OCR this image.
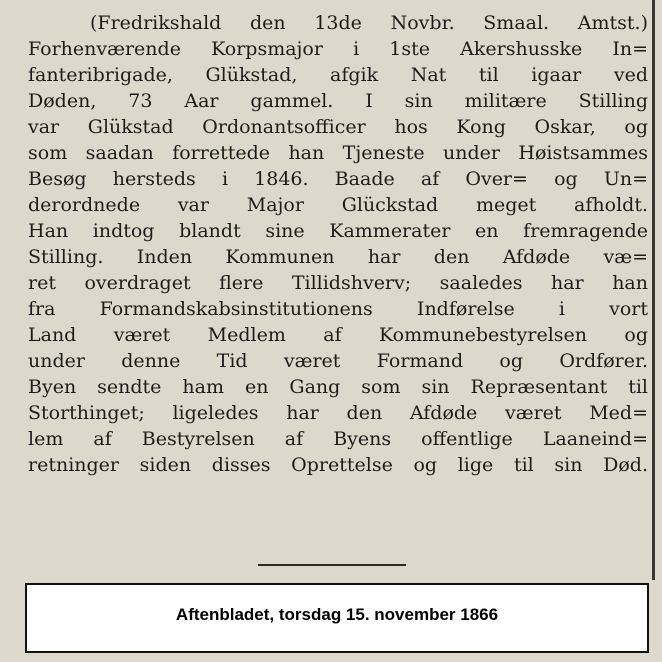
(Fredrikshald den 13de Novbr. Smaal. Amtst.)
Forhenværende Korpsmajor i 1ste Akershusske In=
fanteribrigade, Glükstad, afgik Nat til igaar ved
Døden, 73 Aar gammel. I sin militære Stilling
var Glükstad Ordonantsofficer hos Kong Oskar, og
som saadan forrettede han Tjeneste under Høistsammes
Besøg hersteds i 1846. Baade af Over= og Un=
derordnede var Major Glückstad meget afholdt.
Han indtog blandt sine Kammerater en fremragende
Stilling. Inden Kommunen har den Afdøde væ=
ret overdraget flere Tillidshverv; saaledes har han
fra Formandskabsinstitutionens Indførelse i vort
Land været Medlem af Kommunebestyrelsen og
under denne Tid været Formand og Ordfører.
Byen sendte ham en Gang som sin Repræsentant til
Storthinget; ligeledes har den Afdøde været Med=
lem af Bestyrelsen af Byens offentlige Laaneind=
retninger siden disses Oprettelse og lige til sin Død.
Aftenbladet, torsdag 15. november 1866
